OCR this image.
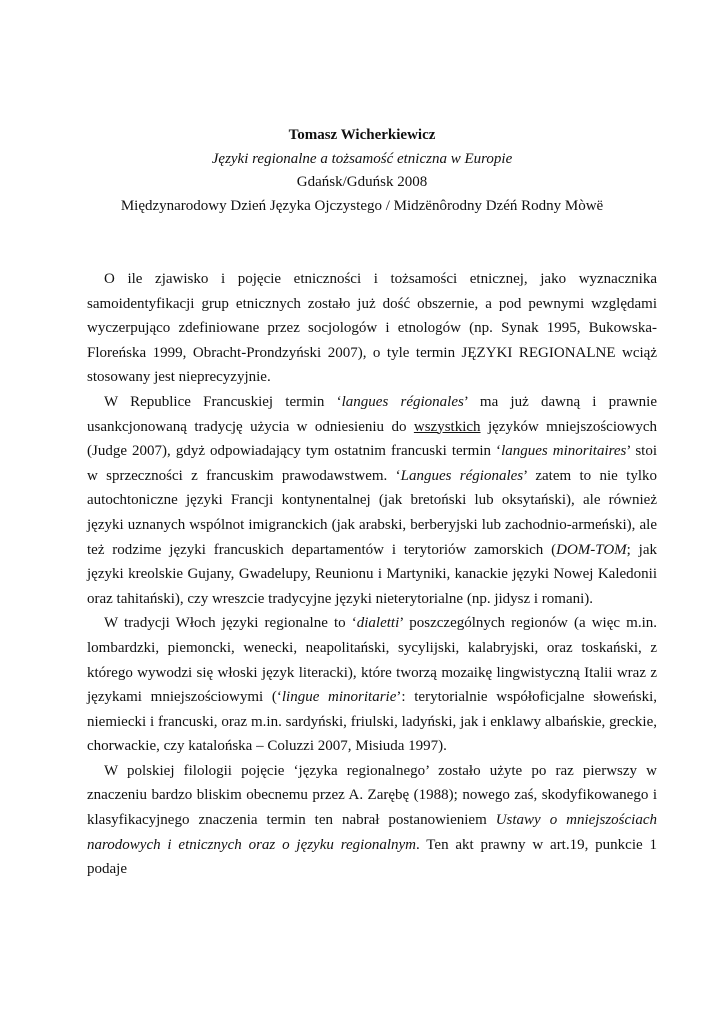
Tomasz Wicherkiewicz
Języki regionalne a tożsamość etniczna w Europie
Gdańsk/Gduńsk 2008
Międzynarodowy Dzień Języka Ojczystego / Midzënôrodny Dzéń Rodny Mòwë

O ile zjawisko i pojęcie etniczności i tożsamości etnicznej, jako wyznacznika samoidentyfikacji grup etnicznych zostało już dość obszernie, a pod pewnymi względami wyczerpująco zdefiniowane przez socjologów i etnologów (np. Synak 1995, Bukowska-Floreńska 1999, Obracht-Prondzyński 2007), o tyle termin JĘZYKI REGIONALNE wciąż stosowany jest nieprecyzyjnie.

W Republice Francuskiej termin ‘langues régionales’ ma już dawną i prawnie usankcjonowaną tradycję użycia w odniesieniu do wszystkich języków mniejszościowych (Judge 2007), gdyż odpowiadający tym ostatnim francuski termin ‘langues minoritaires’ stoi w sprzeczności z francuskim prawodawstwem. ‘Langues régionales’ zatem to nie tylko autochtoniczne języki Francji kontynentalnej (jak bretoński lub oksytański), ale również języki uznanych wspólnot imigranckich (jak arabski, berberyjski lub zachodnio-armeński), ale też rodzime języki francuskich departamentów i terytoriów zamorskich (DOM-TOM; jak języki kreolskie Gujany, Gwadelupy, Reunionu i Martyniki, kanackie języki Nowej Kaledonii oraz tahitański), czy wreszcie tradycyjne języki nieterytorialne (np. jidysz i romani).

W tradycji Włoch języki regionalne to ‘dialetti’ poszczególnych regionów (a więc m.in. lombardzki, piemoncki, wenecki, neapolitański, sycylijski, kalabryjski, oraz toskański, z którego wywodzi się włoski język literacki), które tworzą mozaikę lingwistyczną Italii wraz z językami mniejszościowymi (‘lingue minoritarie’: terytorialnie współoficjalne słoweński, niemiecki i francuski, oraz m.in. sardyński, friulski, ladyński, jak i enklawy albańskie, greckie, chorwackie, czy katalońska – Coluzzi 2007, Misiuda 1997).

W polskiej filologii pojęcie ‘języka regionalnego’ zostało użyte po raz pierwszy w znaczeniu bardzo bliskim obecnemu przez A. Zarębę (1988); nowego zaś, skodyfikowanego i klasyfikacyjnego znaczenia termin ten nabrał postanowieniem Ustawy o mniejszościach narodowych i etnicznych oraz o języku regionalnym. Ten akt prawny w art.19, punkcie 1 podaje
